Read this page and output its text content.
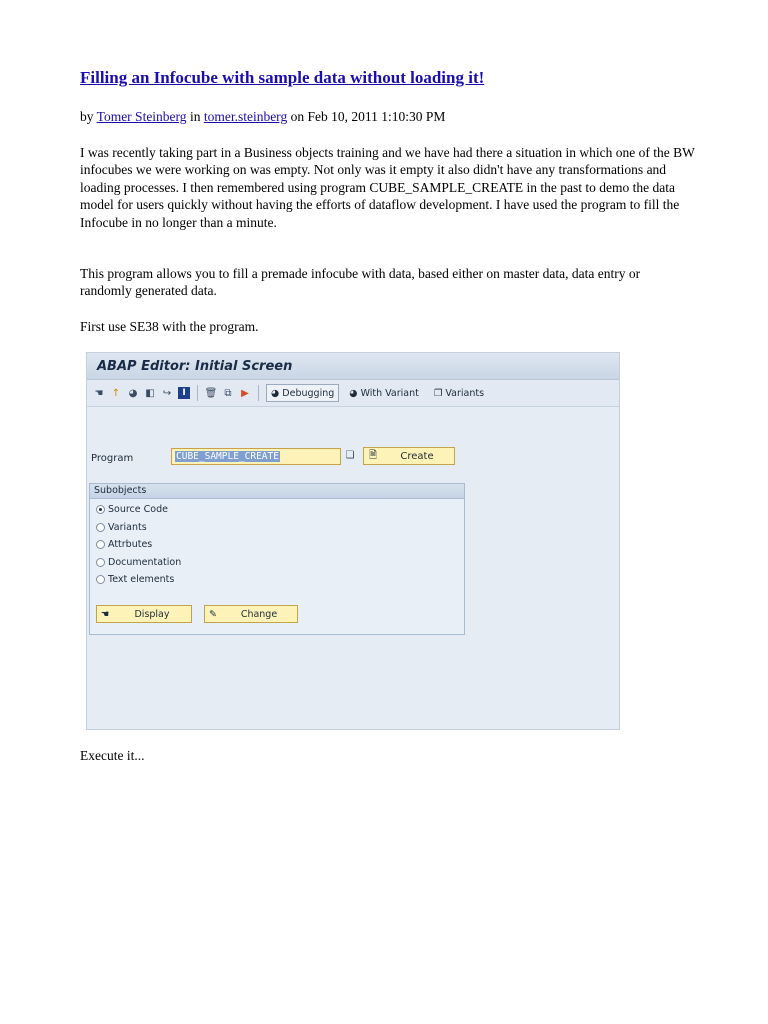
Filling an Infocube with sample data without loading it!
by Tomer Steinberg in tomer.steinberg on Feb 10, 2011 1:10:30 PM
I was recently taking part in a Business objects training and we have had there a situation in which one of the BW infocubes we were working on was empty. Not only was it empty it also didn't have any transformations and loading processes. I then remembered using program CUBE_SAMPLE_CREATE in the past to demo the data model for users quickly without having the efforts of dataflow development. I have used the program to fill the Infocube in no longer than a minute.
This program allows you to fill a premade infocube with data, based either on master data, data entry or randomly generated data.
First use SE38 with the program.
ABAP Editor: Initial Screen
☚ ↑ ◕ ◧ ↪	I	🗑 ⧉ ▶ ◕ Debugging ◕ With Variant ❐ Variants
Program	CUBE_SAMPLE_CREATE	❏ 🗎	Create
Subobjects
Source Code
Variants
Attrbutes
Documentation
Text elements
☚	Display	✎	Change
Execute it...
